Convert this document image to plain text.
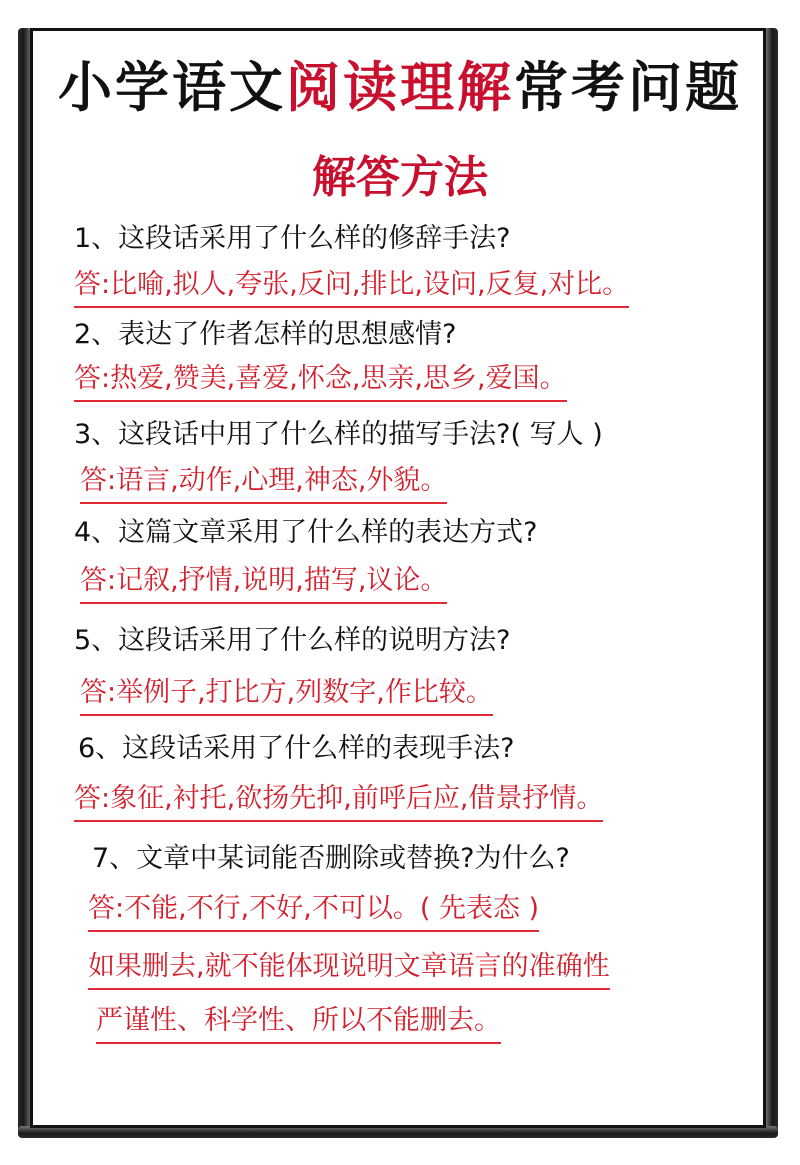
小学语文阅读理解常考问题
解答方法
1、这段话采用了什么样的修辞手法?
答:比喻,拟人,夸张,反问,排比,设问,反复,对比。
2、表达了作者怎样的思想感情?
答:热爱,赞美,喜爱,怀念,思亲,思乡,爱国。
3、这段话中用了什么样的描写手法?( 写人 )
答:语言,动作,心理,神态,外貌。
4、这篇文章采用了什么样的表达方式?
答:记叙,抒情,说明,描写,议论。
5、这段话采用了什么样的说明方法?
答:举例子,打比方,列数字,作比较。
6、这段话采用了什么样的表现手法?
答:象征,衬托,欲扬先抑,前呼后应,借景抒情。
7、文章中某词能否删除或替换?为什么?
答:不能,不行,不好,不可以。( 先表态 )
如果删去,就不能体现说明文章语言的准确性
严谨性、科学性、所以不能删去。
